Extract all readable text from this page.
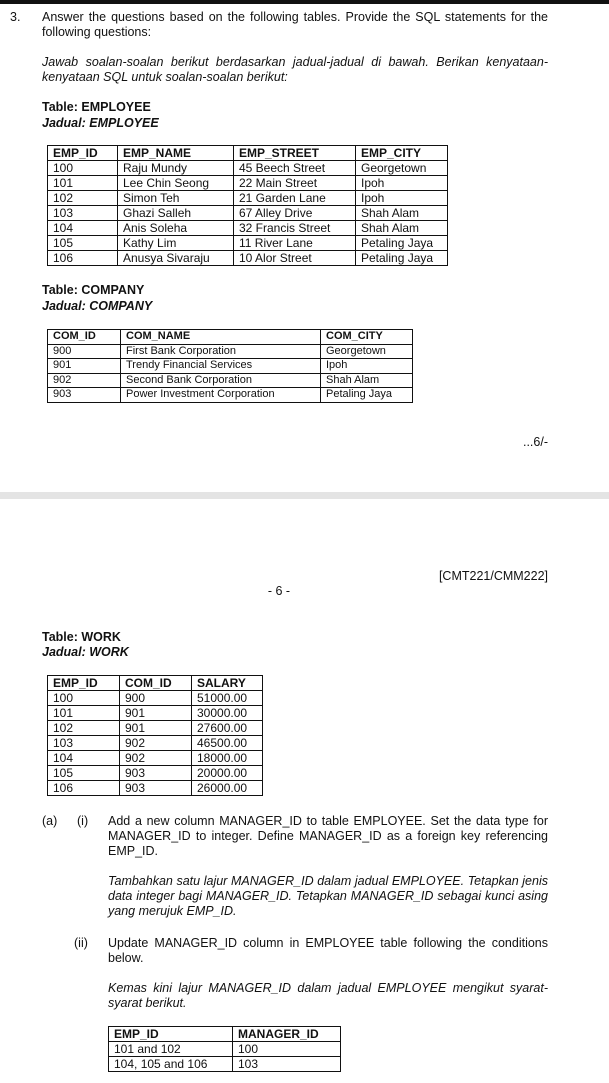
3. Answer the questions based on the following tables. Provide the SQL statements for the following questions:
Jawab soalan-soalan berikut berdasarkan jadual-jadual di bawah. Berikan kenyataan-kenyataan SQL untuk soalan-soalan berikut:
Table: EMPLOYEE
Jadual: EMPLOYEE
EMP_ID	EMP_NAME	EMP_STREET	EMP_CITY
100	Raju Mundy	45 Beech Street	Georgetown
101	Lee Chin Seong	22 Main Street	Ipoh
102	Simon Teh	21 Garden Lane	Ipoh
103	Ghazi Salleh	67 Alley Drive	Shah Alam
104	Anis Soleha	32 Francis Street	Shah Alam
105	Kathy Lim	11 River Lane	Petaling Jaya
106	Anusya Sivaraju	10 Alor Street	Petaling Jaya
Table: COMPANY
Jadual: COMPANY
COM_ID	COM_NAME	COM_CITY
900	First Bank Corporation	Georgetown
901	Trendy Financial Services	Ipoh
902	Second Bank Corporation	Shah Alam
903	Power Investment Corporation	Petaling Jaya
...6/-
[CMT221/CMM222]
- 6 -
Table: WORK
Jadual: WORK
EMP_ID	COM_ID	SALARY
100	900	51000.00
101	901	30000.00
102	901	27600.00
103	902	46500.00
104	902	18000.00
105	903	20000.00
106	903	26000.00
(a) (i) Add a new column MANAGER_ID to table EMPLOYEE. Set the data type for MANAGER_ID to integer. Define MANAGER_ID as a foreign key referencing EMP_ID.
Tambahkan satu lajur MANAGER_ID dalam jadual EMPLOYEE. Tetapkan jenis data integer bagi MANAGER_ID. Tetapkan MANAGER_ID sebagai kunci asing yang merujuk EMP_ID.
(ii) Update MANAGER_ID column in EMPLOYEE table following the conditions below.
Kemas kini lajur MANAGER_ID dalam jadual EMPLOYEE mengikut syarat-syarat berikut.
EMP_ID	MANAGER_ID
101 and 102	100
104, 105 and 106	103
